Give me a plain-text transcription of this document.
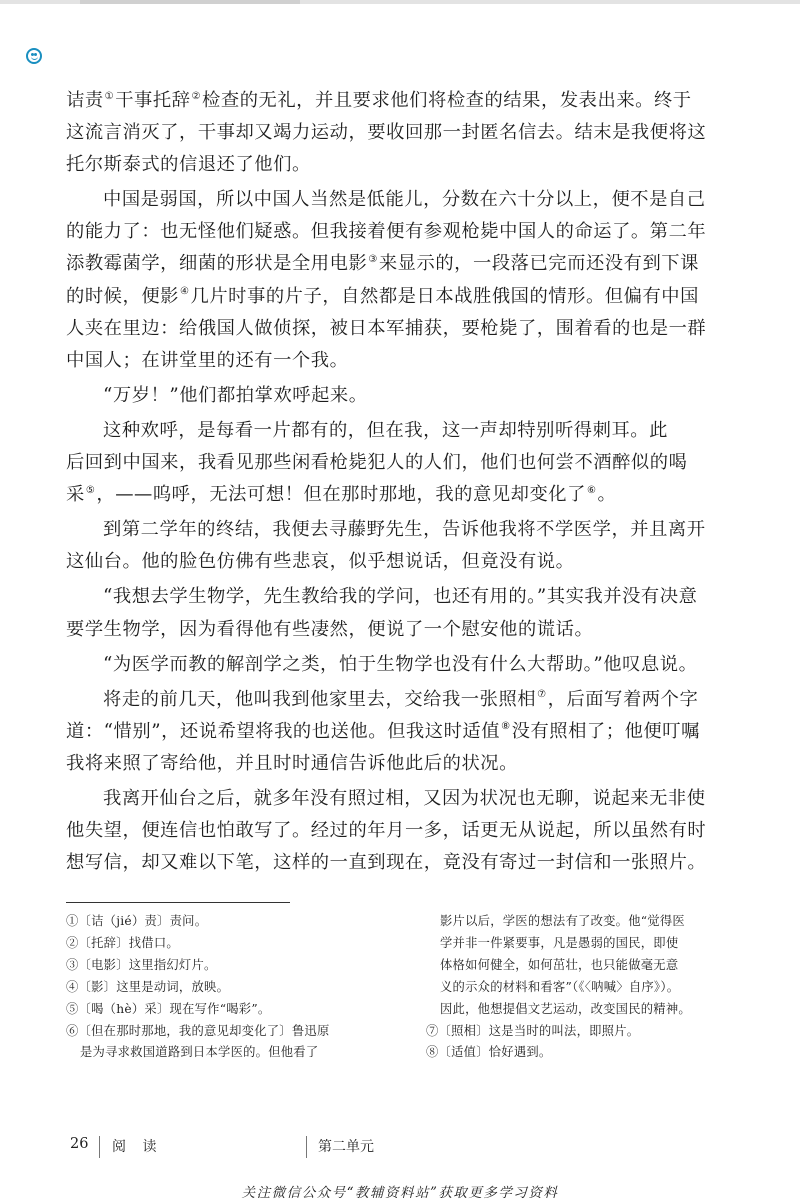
诘责①干事托辞②检查的无礼，并且要求他们将检查的结果，发表出来。终于

这流言消灭了，干事却又竭力运动，要收回那一封匿名信去。结末是我便将这

托尔斯泰式的信退还了他们。

中国是弱国，所以中国人当然是低能儿，分数在六十分以上，便不是自己

的能力了：也无怪他们疑惑。但我接着便有参观枪毙中国人的命运了。第二年

添教霉菌学，细菌的形状是全用电影③来显示的，一段落已完而还没有到下课

的时候，便影④几片时事的片子，自然都是日本战胜俄国的情形。但偏有中国

人夹在里边：给俄国人做侦探，被日本军捕获，要枪毙了，围着看的也是一群

中国人；在讲堂里的还有一个我。

“万岁！”他们都拍掌欢呼起来。

这种欢呼，是每看一片都有的，但在我，这一声却特别听得刺耳。此

后回到中国来，我看见那些闲看枪毙犯人的人们，他们也何尝不酒醉似的喝

采⑤，——呜呼，无法可想！但在那时那地，我的意见却变化了⑥。

到第二学年的终结，我便去寻藤野先生，告诉他我将不学医学，并且离开

这仙台。他的脸色仿佛有些悲哀，似乎想说话，但竟没有说。

“我想去学生物学，先生教给我的学问，也还有用的。”其实我并没有决意

要学生物学，因为看得他有些凄然，便说了一个慰安他的谎话。

“为医学而教的解剖学之类，怕于生物学也没有什么大帮助。”他叹息说。

将走的前几天，他叫我到他家里去，交给我一张照相⑦，后面写着两个字

道：“惜别”，还说希望将我的也送他。但我这时适值⑧没有照相了；他便叮嘱

我将来照了寄给他，并且时时通信告诉他此后的状况。

我离开仙台之后，就多年没有照过相，又因为状况也无聊，说起来无非使

他失望，便连信也怕敢写了。经过的年月一多，话更无从说起，所以虽然有时

想写信，却又难以下笔，这样的一直到现在，竟没有寄过一封信和一张照片。

①〔诘（jié）责〕责问。
②〔托辞〕找借口。
③〔电影〕这里指幻灯片。
④〔影〕这里是动词，放映。
⑤〔喝（hè）采〕现在写作“喝彩”。
⑥〔但在那时那地，我的意见却变化了〕鲁迅原
是为寻求救国道路到日本学医的。但他看了
影片以后，学医的想法有了改变。他“觉得医
学并非一件紧要事，凡是愚弱的国民，即使
体格如何健全，如何茁壮，也只能做毫无意
义的示众的材料和看客”（《〈呐喊〉自序》）。
因此，他想提倡文艺运动，改变国民的精神。
⑦〔照相〕这是当时的叫法，即照片。
⑧〔适值〕恰好遇到。
26 阅 读	第二单元
关注微信公众号“教辅资料站”获取更多学习资料
